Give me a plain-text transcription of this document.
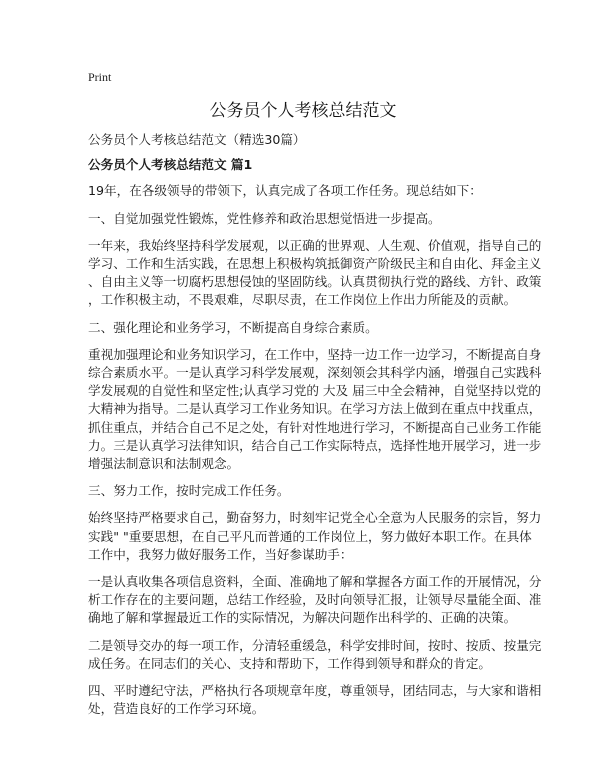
Print
公务员个人考核总结范文
公务员个人考核总结范文（精选30篇）
公务员个人考核总结范文 篇1
19年，在各级领导的带领下，认真完成了各项工作任务。现总结如下：
一、自觉加强党性锻炼，党性修养和政治思想觉悟进一步提高。
一年来，我始终坚持科学发展观，以正确的世界观、人生观、价值观，指导自己的
学习、工作和生活实践，在思想上积极构筑抵御资产阶级民主和自由化、拜金主义
、自由主义等一切腐朽思想侵蚀的坚固防线。认真贯彻执行党的路线、方针、政策
，工作积极主动，不畏艰难，尽职尽责，在工作岗位上作出力所能及的贡献。
二、强化理论和业务学习，不断提高自身综合素质。
重视加强理论和业务知识学习，在工作中，坚持一边工作一边学习，不断提高自身
综合素质水平。一是认真学习科学发展观，深刻领会其科学内涵，增强自己实践科
学发展观的自觉性和坚定性;认真学习党的 大及 届三中全会精神，自觉坚持以党的
大精神为指导。二是认真学习工作业务知识。在学习方法上做到在重点中找重点，
抓住重点，并结合自己不足之处，有针对性地进行学习，不断提高自己业务工作能
力。三是认真学习法律知识，结合自己工作实际特点，选择性地开展学习，进一步
增强法制意识和法制观念。
三、努力工作，按时完成工作任务。
始终坚持严格要求自己，勤奋努力，时刻牢记党全心全意为人民服务的宗旨，努力
实践" "重要思想，在自己平凡而普通的工作岗位上，努力做好本职工作。在具体
工作中，我努力做好服务工作，当好参谋助手：
一是认真收集各项信息资料，全面、准确地了解和掌握各方面工作的开展情况，分
析工作存在的主要问题，总结工作经验，及时向领导汇报，让领导尽量能全面、准
确地了解和掌握最近工作的实际情况，为解决问题作出科学的、正确的决策。
二是领导交办的每一项工作，分清轻重缓急，科学安排时间，按时、按质、按量完
成任务。在同志们的关心、支持和帮助下，工作得到领导和群众的肯定。
四、平时遵纪守法，严格执行各项规章年度，尊重领导，团结同志，与大家和谐相
处，营造良好的工作学习环境。
